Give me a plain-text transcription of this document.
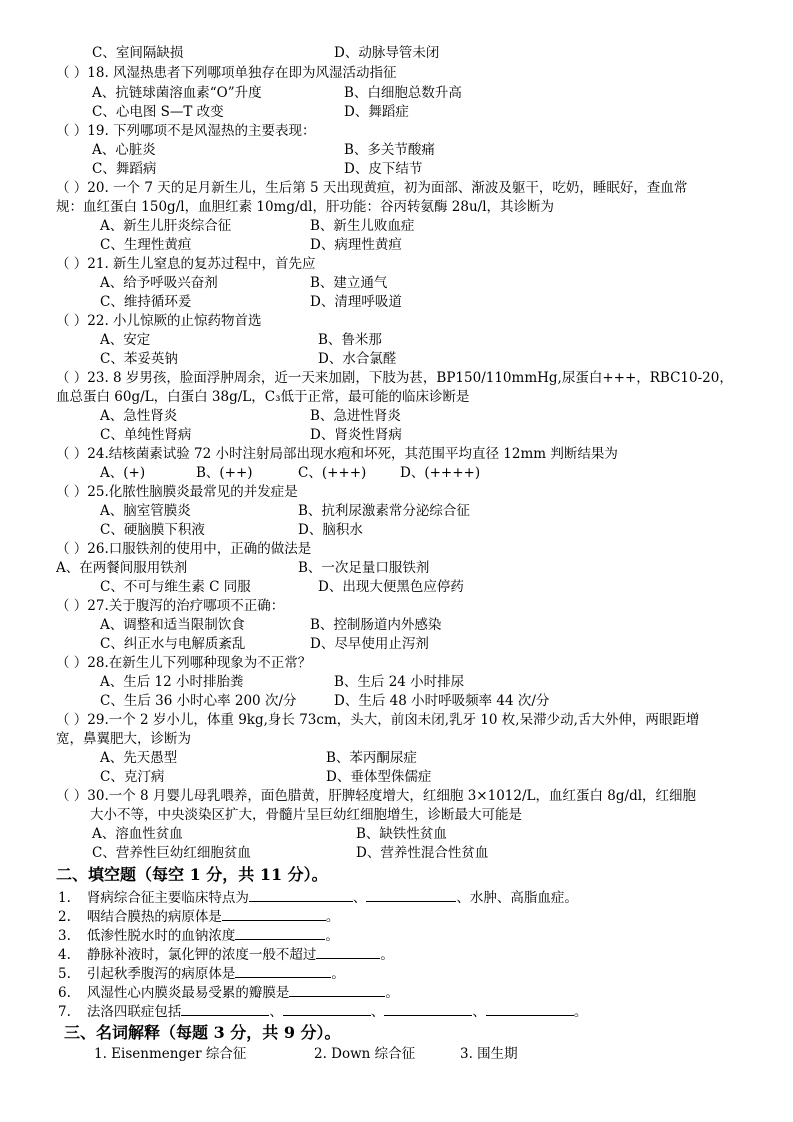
C、室间隔缺损	D、动脉导管未闭
（ ）18. 风湿热患者下列哪项单独存在即为风湿活动指征
A、抗链球菌溶血素“O”升度	B、白细胞总数升高
C、心电图 S—T 改变	D、舞蹈症
（ ）19. 下列哪项不是风湿热的主要表现：
A、心脏炎	B、多关节酸痛
C、舞蹈病	D、皮下结节
（ ）20. 一个 7 天的足月新生儿，生后第 5 天出现黄疸，初为面部、渐波及躯干，吃奶，睡眠好，查血常
规：血红蛋白 150g/l，血胆红素 10mg/dl，肝功能：谷丙转氨酶 28u/l，其诊断为
A、新生儿肝炎综合征	B、新生儿败血症
C、生理性黄疸	D、病理性黄疸
（ ）21. 新生儿窒息的复苏过程中，首先应
A、给予呼吸兴奋剂	B、建立通气
C、维持循环爰	D、清理呼吸道
（ ）22. 小儿惊厥的止惊药物首选
A、安定	B、鲁米那
C、苯妥英钠	D、水合氯醛
（ ）23. 8 岁男孩，脸面浮肿周余，近一天来加剧，下肢为甚，BP150/110mmHg,尿蛋白+++，RBC10-20，
血总蛋白 60g/L，白蛋白 38g/L，C₃低于正常，最可能的临床诊断是
A、急性肾炎	B、急进性肾炎
C、单纯性肾病	D、肾炎性肾病
（ ）24.结核菌素试验 72 小时注射局部出现水疱和坏死，其范围平均直径 12mm 判断结果为
A、(+)	B、(++)	C、(+++) D、(++++)
（ ）25.化脓性脑膜炎最常见的并发症是
A、脑室管膜炎	B、抗利尿激素常分泌综合征
C、硬脑膜下积液	D、脑积水
（ ）26.口服铁剂的使用中，正确的做法是
A、在两餐间服用铁剂	B、一次足量口服铁剂
C、不可与维生素 C 同服	D、出现大便黑色应停药
（ ）27.关于腹泻的治疗哪项不正确：
A、调整和适当限制饮食	B、控制肠道内外感染
C、纠正水与电解质紊乱	D、尽早使用止泻剂
（ ）28.在新生儿下列哪种现象为不正常？
A、生后 12 小时排胎粪	B、生后 24 小时排尿
C、生后 36 小时心率 200 次/分	D、生后 48 小时呼吸频率 44 次/分
（ ）29.一个 2 岁小儿，体重 9kg,身长 73cm，头大，前囟未闭,乳牙 10 枚,呆滞少动,舌大外伸，两眼距增
宽，鼻翼肥大，诊断为
A、先天愚型	B、苯丙酮尿症
C、克汀病	D、垂体型侏儒症
（ ）30.一个 8 月婴儿母乳喂养，面色腊黄，肝脾轻度增大，红细胞 3×1012/L，血红蛋白 8g/dl，红细胞
大小不等，中央淡染区扩大，骨髓片呈巨幼红细胞增生，诊断最大可能是
A、溶血性贫血	B、缺铁性贫血
C、营养性巨幼红细胞贫血	D、营养性混合性贫血
二、填空题（每空 1 分，共 11 分）。
1. 肾病综合征主要临床特点为	、	、水肿、高脂血症。
2. 咽结合膜热的病原体是	。
3. 低渗性脱水时的血钠浓度	。
4. 静脉补液时，氯化钾的浓度一般不超过	。
5. 引起秋季腹泻的病原体是	。
6. 风湿性心内膜炎最易受累的瓣膜是	。
7. 法洛四联症包括	、	、	、	。
三、名词解释（每题 3 分，共 9 分）。
1. Eisenmenger 综合征	2. Down 综合征	3. 围生期
